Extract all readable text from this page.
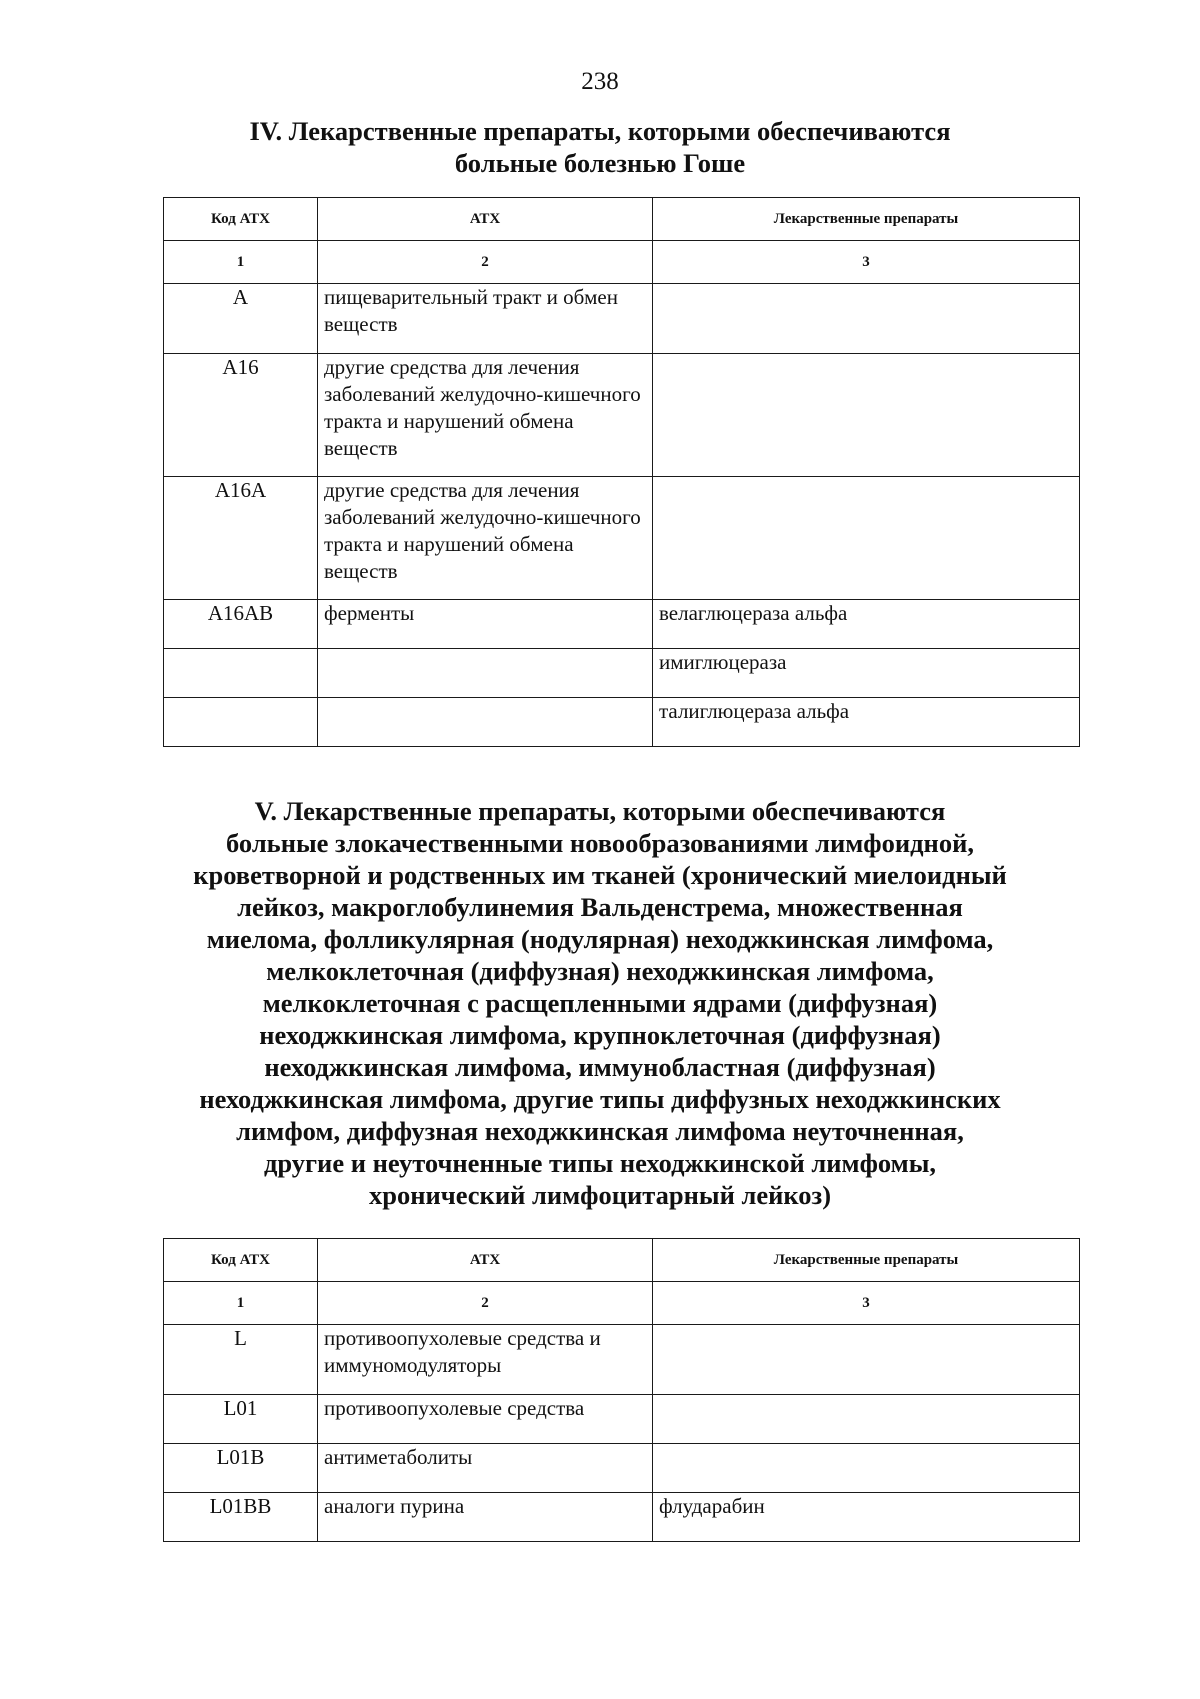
238
IV. Лекарственные препараты, которыми обеспечиваются
больные болезнью Гоше
Код АТХ	АТХ	Лекарственные препараты
1	2	3
А	пищеварительный тракт и обмен веществ	
А16	другие средства для лечения заболеваний желудочно-кишечного тракта и нарушений обмена веществ	
А16А	другие средства для лечения заболеваний желудочно-кишечного тракта и нарушений обмена веществ	
А16АВ	ферменты	велаглюцераза альфа
		имиглюцераза
		талиглюцераза альфа
V. Лекарственные препараты, которыми обеспечиваются
больные злокачественными новообразованиями лимфоидной,
кроветворной и родственных им тканей (хронический миелоидный
лейкоз, макроглобулинемия Вальденстрема, множественная
миелома, фолликулярная (нодулярная) неходжкинская лимфома,
мелкоклеточная (диффузная) неходжкинская лимфома,
мелкоклеточная с расщепленными ядрами (диффузная)
неходжкинская лимфома, крупноклеточная (диффузная)
неходжкинская лимфома, иммунобластная (диффузная)
неходжкинская лимфома, другие типы диффузных неходжкинских
лимфом, диффузная неходжкинская лимфома неуточненная,
другие и неуточненные типы неходжкинской лимфомы,
хронический лимфоцитарный лейкоз)
Код АТХ	АТХ	Лекарственные препараты
1	2	3
L	противоопухолевые средства и иммуномодуляторы	
L01	противоопухолевые средства	
L01В	антиметаболиты	
L01ВВ	аналоги пурина	флударабин
